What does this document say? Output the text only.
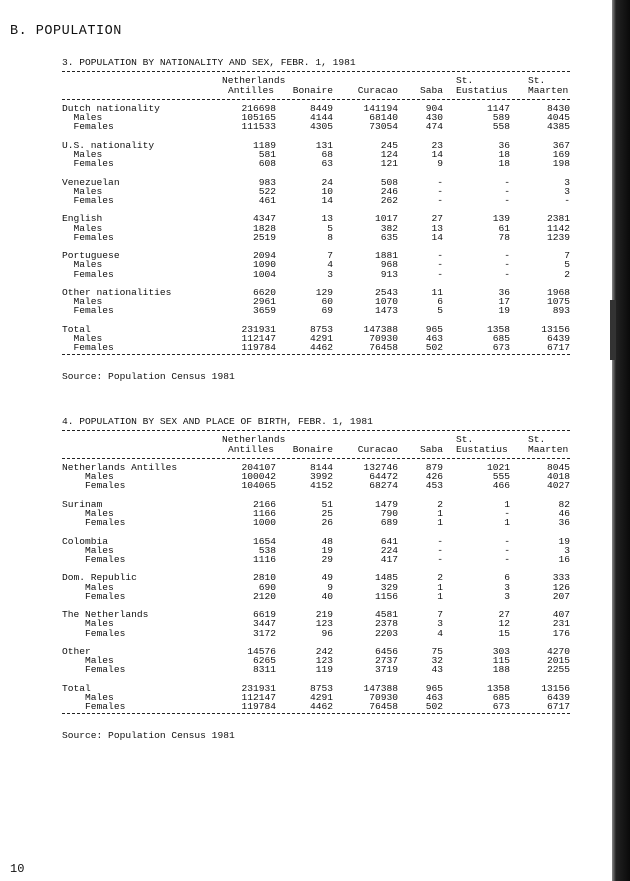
B. POPULATION
3. POPULATION BY NATIONALITY AND SEX, FEBR. 1, 1981
	Netherlands				St.	St.
	Antilles	Bonaire	Curacao	Saba	Eustatius	Maarten
Dutch nationality	216698	8449	141194	904	1147	8430
Males	105165	4144	68140	430	589	4045
Females	111533	4305	73054	474	558	4385

U.S. nationality	1189	131	245	23	36	367
Males	581	68	124	14	18	169
Females	608	63	121	9	18	198

Venezuelan	983	24	508	-	-	3
Males	522	10	246	-	-	3
Females	461	14	262	-	-	-

English	4347	13	1017	27	139	2381
Males	1828	5	382	13	61	1142
Females	2519	8	635	14	78	1239

Portuguese	2094	7	1881	-	-	7
Males	1090	4	968	-	-	5
Females	1004	3	913	-	-	2

Other nationalities	6620	129	2543	11	36	1968
Males	2961	60	1070	6	17	1075
Females	3659	69	1473	5	19	893

Total	231931	8753	147388	965	1358	13156
Males	112147	4291	70930	463	685	6439
Females	119784	4462	76458	502	673	6717
Source: Population Census 1981
4. POPULATION BY SEX AND PLACE OF BIRTH, FEBR. 1, 1981
	Netherlands				St.	St.
	Antilles	Bonaire	Curacao	Saba	Eustatius	Maarten
Netherlands Antilles	204107	8144	132746	879	1021	8045
Males	100042	3992	64472	426	555	4018
Females	104065	4152	68274	453	466	4027

Surinam	2166	51	1479	2	1	82
Males	1166	25	790	1	-	46
Females	1000	26	689	1	1	36

Colombia	1654	48	641	-	-	19
Males	538	19	224	-	-	3
Females	1116	29	417	-	-	16

Dom. Republic	2810	49	1485	2	6	333
Males	690	9	329	1	3	126
Females	2120	40	1156	1	3	207

The Netherlands	6619	219	4581	7	27	407
Males	3447	123	2378	3	12	231
Females	3172	96	2203	4	15	176

Other	14576	242	6456	75	303	4270
Males	6265	123	2737	32	115	2015
Females	8311	119	3719	43	188	2255

Total	231931	8753	147388	965	1358	13156
Males	112147	4291	70930	463	685	6439
Females	119784	4462	76458	502	673	6717
Source: Population Census 1981
10
